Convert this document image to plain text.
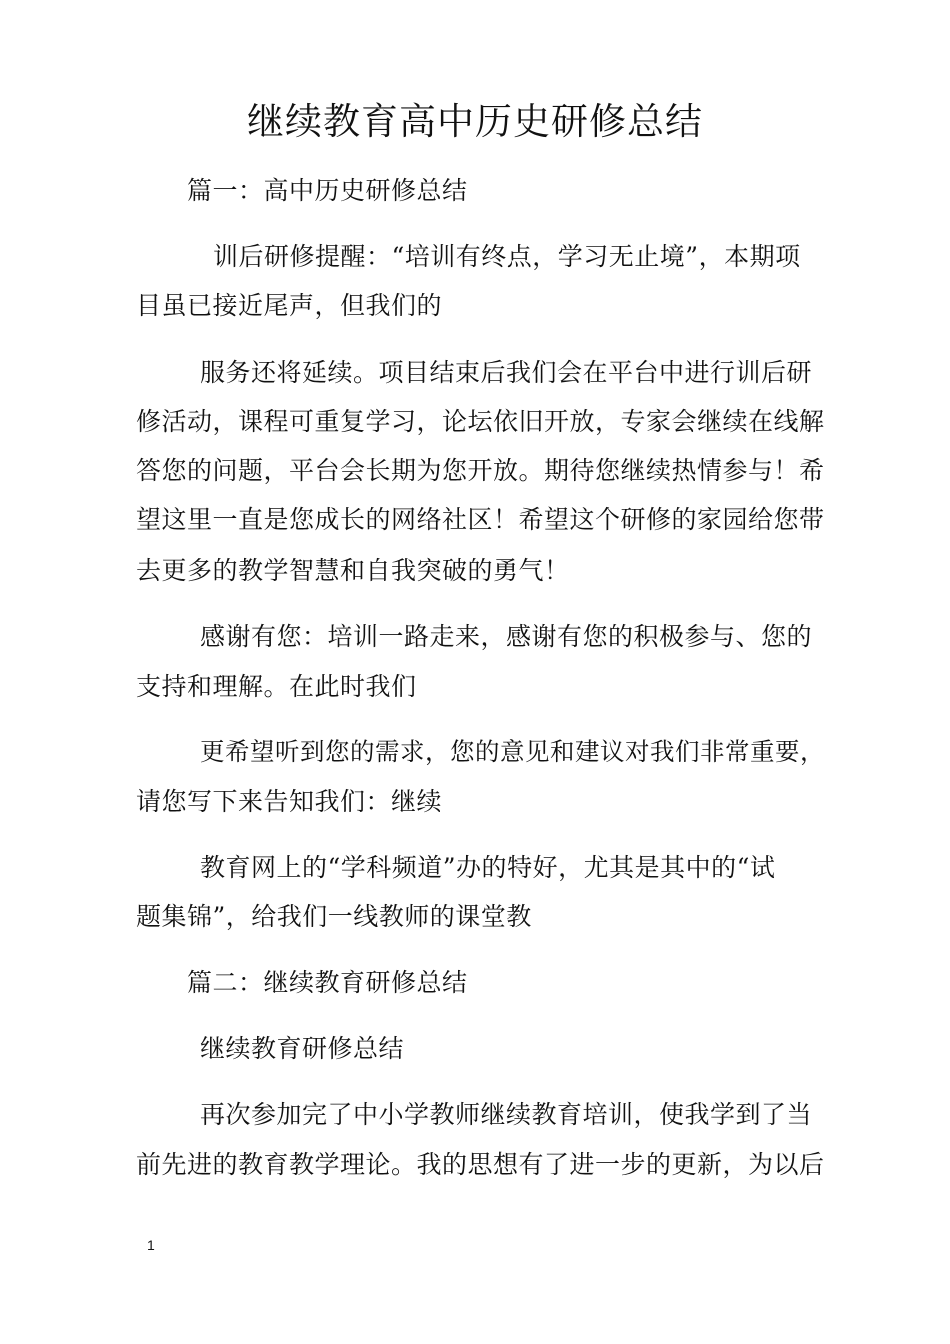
继续教育高中历史研修总结
篇一：高中历史研修总结
训后研修提醒：“培训有终点，学习无止境”，本期项
目虽已接近尾声，但我们的
服务还将延续。项目结束后我们会在平台中进行训后研
修活动，课程可重复学习，论坛依旧开放，专家会继续在线解
答您的问题，平台会长期为您开放。期待您继续热情参与！希
望这里一直是您成长的网络社区！希望这个研修的家园给您带
去更多的教学智慧和自我突破的勇气！
感谢有您：培训一路走来，感谢有您的积极参与、您的
支持和理解。在此时我们
更希望听到您的需求，您的意见和建议对我们非常重要，
请您写下来告知我们：继续
教育网上的“学科频道”办的特好，尤其是其中的“试
题集锦”，给我们一线教师的课堂教
篇二：继续教育研修总结
继续教育研修总结
再次参加完了中小学教师继续教育培训，使我学到了当
前先进的教育教学理论。我的思想有了进一步的更新，为以后
1
